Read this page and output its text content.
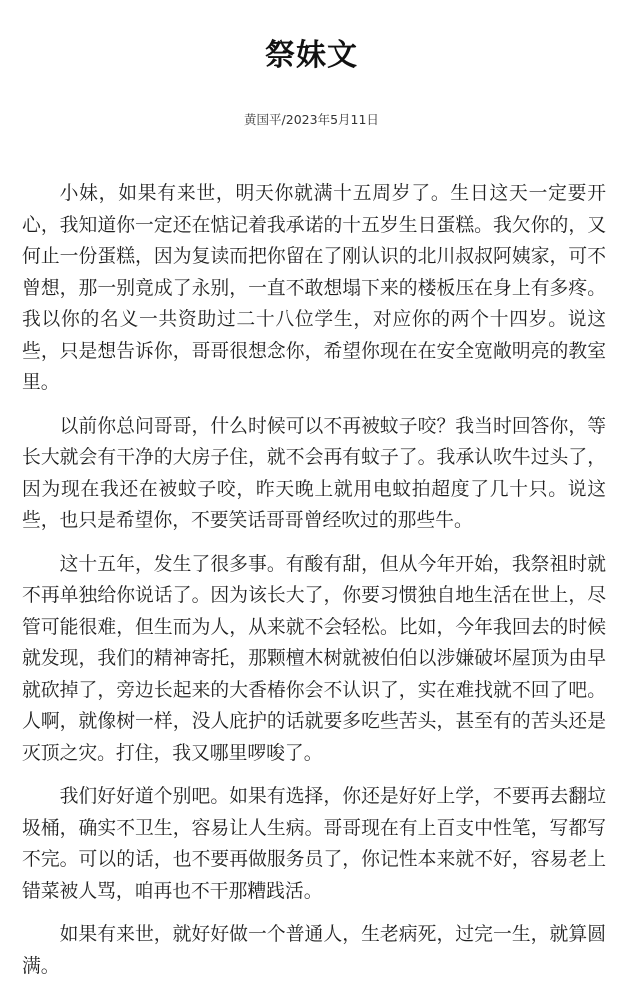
祭妹文
黄国平/2023年5月11日

小妹，如果有来世，明天你就满十五周岁了。生日这天一定要开心，我知道你一定还在惦记着我承诺的十五岁生日蛋糕。我欠你的，又何止一份蛋糕，因为复读而把你留在了刚认识的北川叔叔阿姨家，可不曾想，那一别竟成了永别，一直不敢想塌下来的楼板压在身上有多疼。我以你的名义一共资助过二十八位学生，对应你的两个十四岁。说这些，只是想告诉你，哥哥很想念你，希望你现在在安全宽敞明亮的教室里。

以前你总问哥哥，什么时候可以不再被蚊子咬？我当时回答你，等长大就会有干净的大房子住，就不会再有蚊子了。我承认吹牛过头了，因为现在我还在被蚊子咬，昨天晚上就用电蚊拍超度了几十只。说这些，也只是希望你，不要笑话哥哥曾经吹过的那些牛。

这十五年，发生了很多事。有酸有甜，但从今年开始，我祭祖时就不再单独给你说话了。因为该长大了，你要习惯独自地生活在世上，尽管可能很难，但生而为人，从来就不会轻松。比如，今年我回去的时候就发现，我们的精神寄托，那颗檀木树就被伯伯以涉嫌破坏屋顶为由早就砍掉了，旁边长起来的大香椿你会不认识了，实在难找就不回了吧。人啊，就像树一样，没人庇护的话就要多吃些苦头，甚至有的苦头还是灭顶之灾。打住，我又哪里啰唆了。

我们好好道个别吧。如果有选择，你还是好好上学，不要再去翻垃圾桶，确实不卫生，容易让人生病。哥哥现在有上百支中性笔，写都写不完。可以的话，也不要再做服务员了，你记性本来就不好，容易老上错菜被人骂，咱再也不干那糟践活。

如果有来世，就好好做一个普通人，生老病死，过完一生，就算圆满。
